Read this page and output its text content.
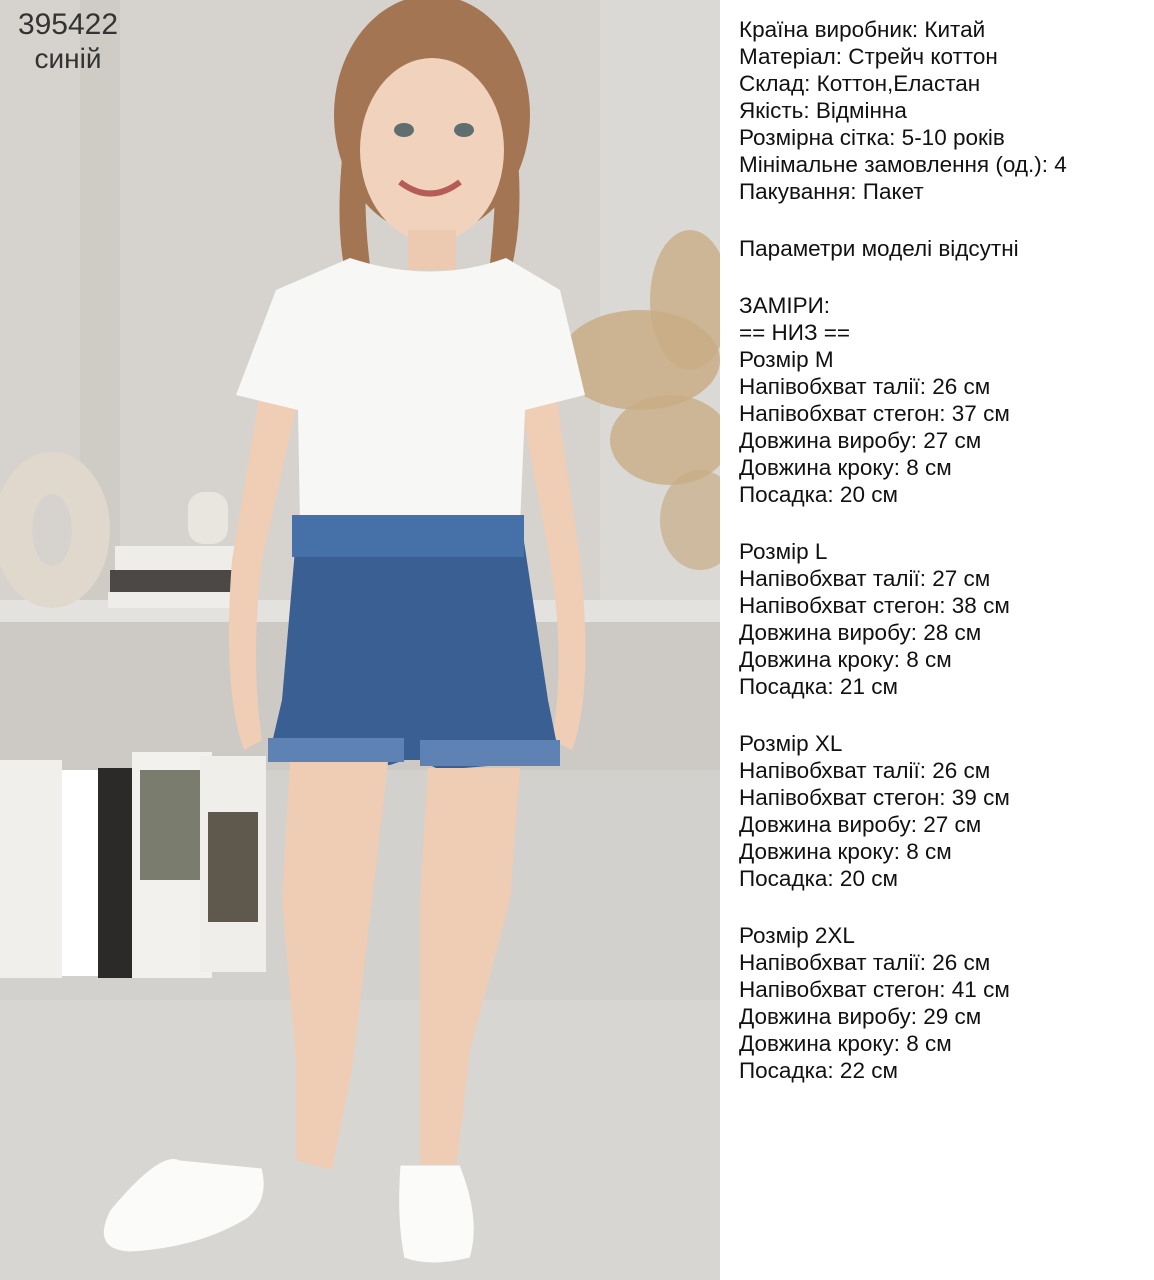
395422
синій
Країна виробник: Китай
Матеріал: Стрейч коттон
Склад: Коттон,Еластан
Якість: Відмінна
Розмірна сітка: 5-10 років
Мінімальне замовлення (од.): 4
Пакування: Пакет
Параметри моделі відсутні
ЗАМІРИ:
== НИЗ ==
Розмір M
Напівобхват талії: 26 см
Напівобхват стегон: 37 см
Довжина виробу: 27 см
Довжина кроку: 8 см
Посадка: 20 см
Розмір L
Напівобхват талії: 27 см
Напівобхват стегон: 38 см
Довжина виробу: 28 см
Довжина кроку: 8 см
Посадка: 21 см
Розмір XL
Напівобхват талії: 26 см
Напівобхват стегон: 39 см
Довжина виробу: 27 см
Довжина кроку: 8 см
Посадка: 20 см
Розмір 2XL
Напівобхват талії: 26 см
Напівобхват стегон: 41 см
Довжина виробу: 29 см
Довжина кроку: 8 см
Посадка: 22 см
